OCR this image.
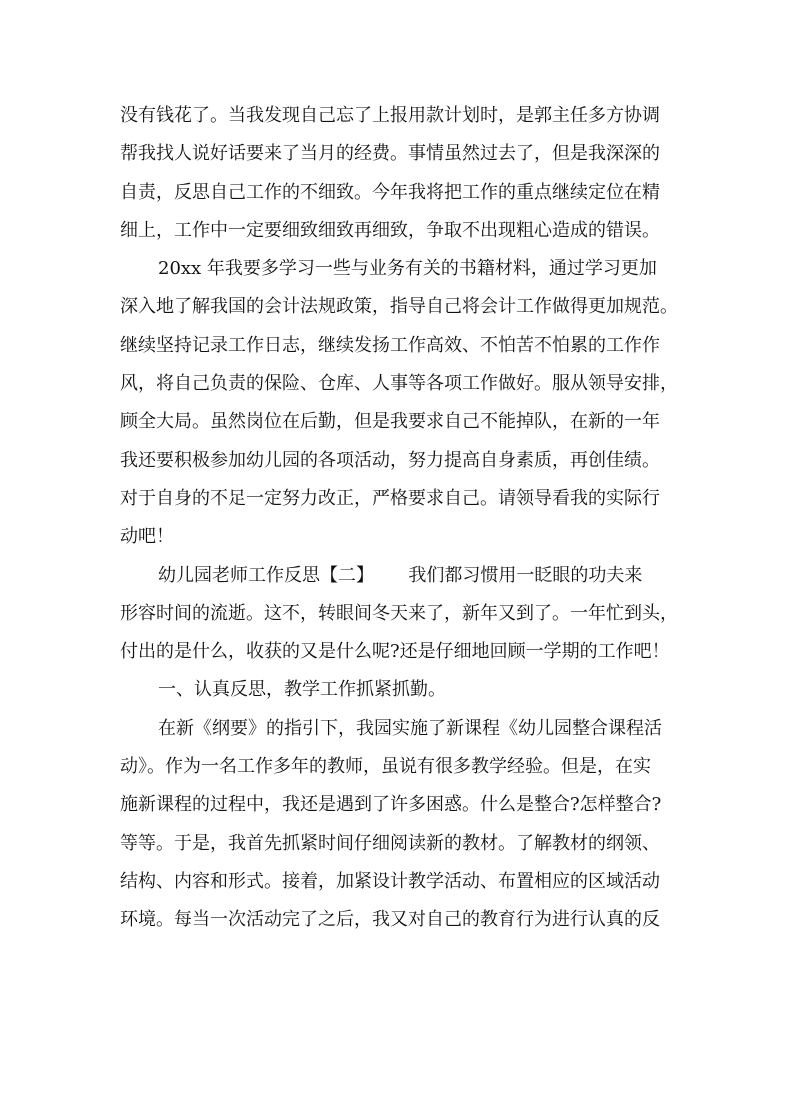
没有钱花了。当我发现自己忘了上报用款计划时，是郭主任多方协调
帮我找人说好话要来了当月的经费。事情虽然过去了，但是我深深的
自责，反思自己工作的不细致。今年我将把工作的重点继续定位在精
细上，工作中一定要细致细致再细致，争取不出现粗心造成的错误。
20xx 年我要多学习一些与业务有关的书籍材料，通过学习更加
深入地了解我国的会计法规政策，指导自己将会计工作做得更加规范。
继续坚持记录工作日志，继续发扬工作高效、不怕苦不怕累的工作作
风，将自己负责的保险、仓库、人事等各项工作做好。服从领导安排，
顾全大局。虽然岗位在后勤，但是我要求自己不能掉队，在新的一年
我还要积极参加幼儿园的各项活动，努力提高自身素质，再创佳绩。
对于自身的不足一定努力改正，严格要求自己。请领导看我的实际行
动吧！
幼儿园老师工作反思【二】      我们都习惯用一眨眼的功夫来
形容时间的流逝。这不，转眼间冬天来了，新年又到了。一年忙到头，
付出的是什么，收获的又是什么呢?还是仔细地回顾一学期的工作吧！
一、认真反思，教学工作抓紧抓勤。
在新《纲要》的指引下，我园实施了新课程《幼儿园整合课程活
动》。作为一名工作多年的教师，虽说有很多教学经验。但是，在实
施新课程的过程中，我还是遇到了许多困惑。什么是整合?怎样整合?
等等。于是，我首先抓紧时间仔细阅读新的教材。了解教材的纲领、
结构、内容和形式。接着，加紧设计教学活动、布置相应的区域活动
环境。每当一次活动完了之后，我又对自己的教育行为进行认真的反
